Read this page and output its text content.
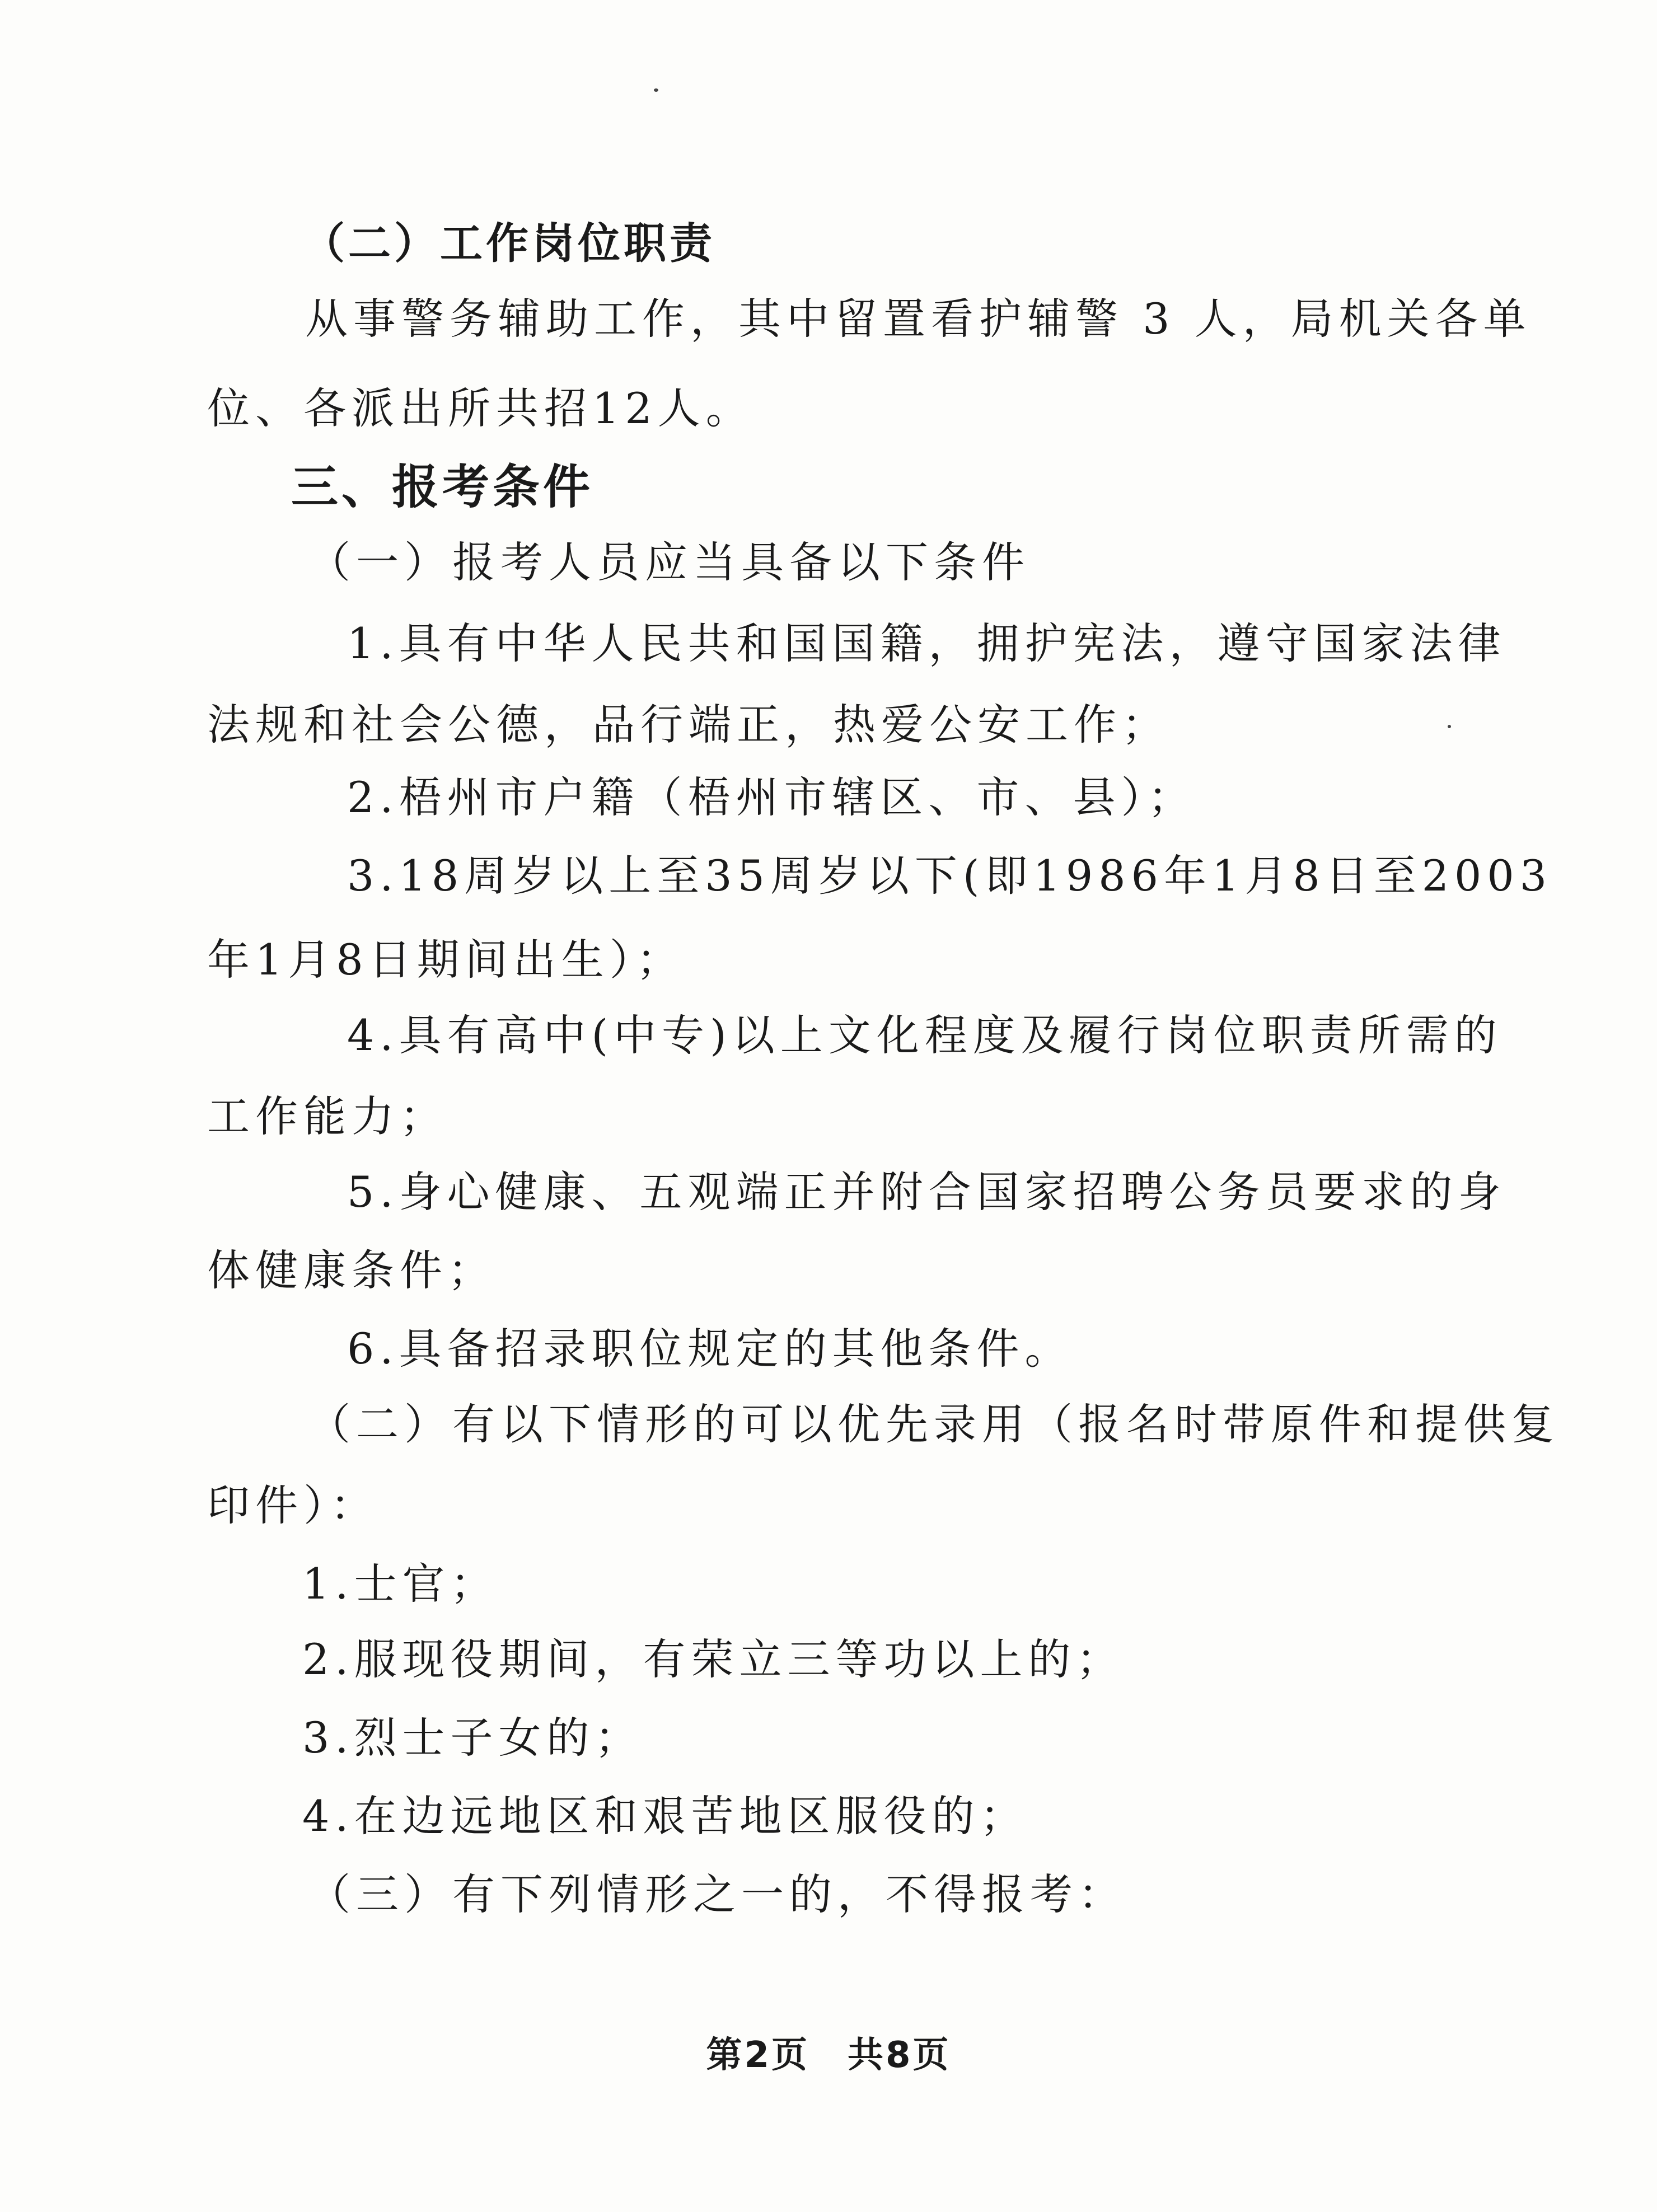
（二）工作岗位职责
从事警务辅助工作，其中留置看护辅警 3 人，局机关各单
位、各派出所共招12人。
三、报考条件
（一）报考人员应当具备以下条件
1.具有中华人民共和国国籍，拥护宪法，遵守国家法律
法规和社会公德，品行端正，热爱公安工作；
2.梧州市户籍（梧州市辖区、市、县）；
3.18周岁以上至35周岁以下(即1986年1月8日至2003
年1月8日期间出生）；
4.具有高中(中专)以上文化程度及履行岗位职责所需的
工作能力；
5.身心健康、五观端正并附合国家招聘公务员要求的身
体健康条件；
6.具备招录职位规定的其他条件。
（二）有以下情形的可以优先录用（报名时带原件和提供复
印件）：
1.士官；
2.服现役期间，有荣立三等功以上的；
3.烈士子女的；
4.在边远地区和艰苦地区服役的；
（三）有下列情形之一的，不得报考：
第2页　共8页
